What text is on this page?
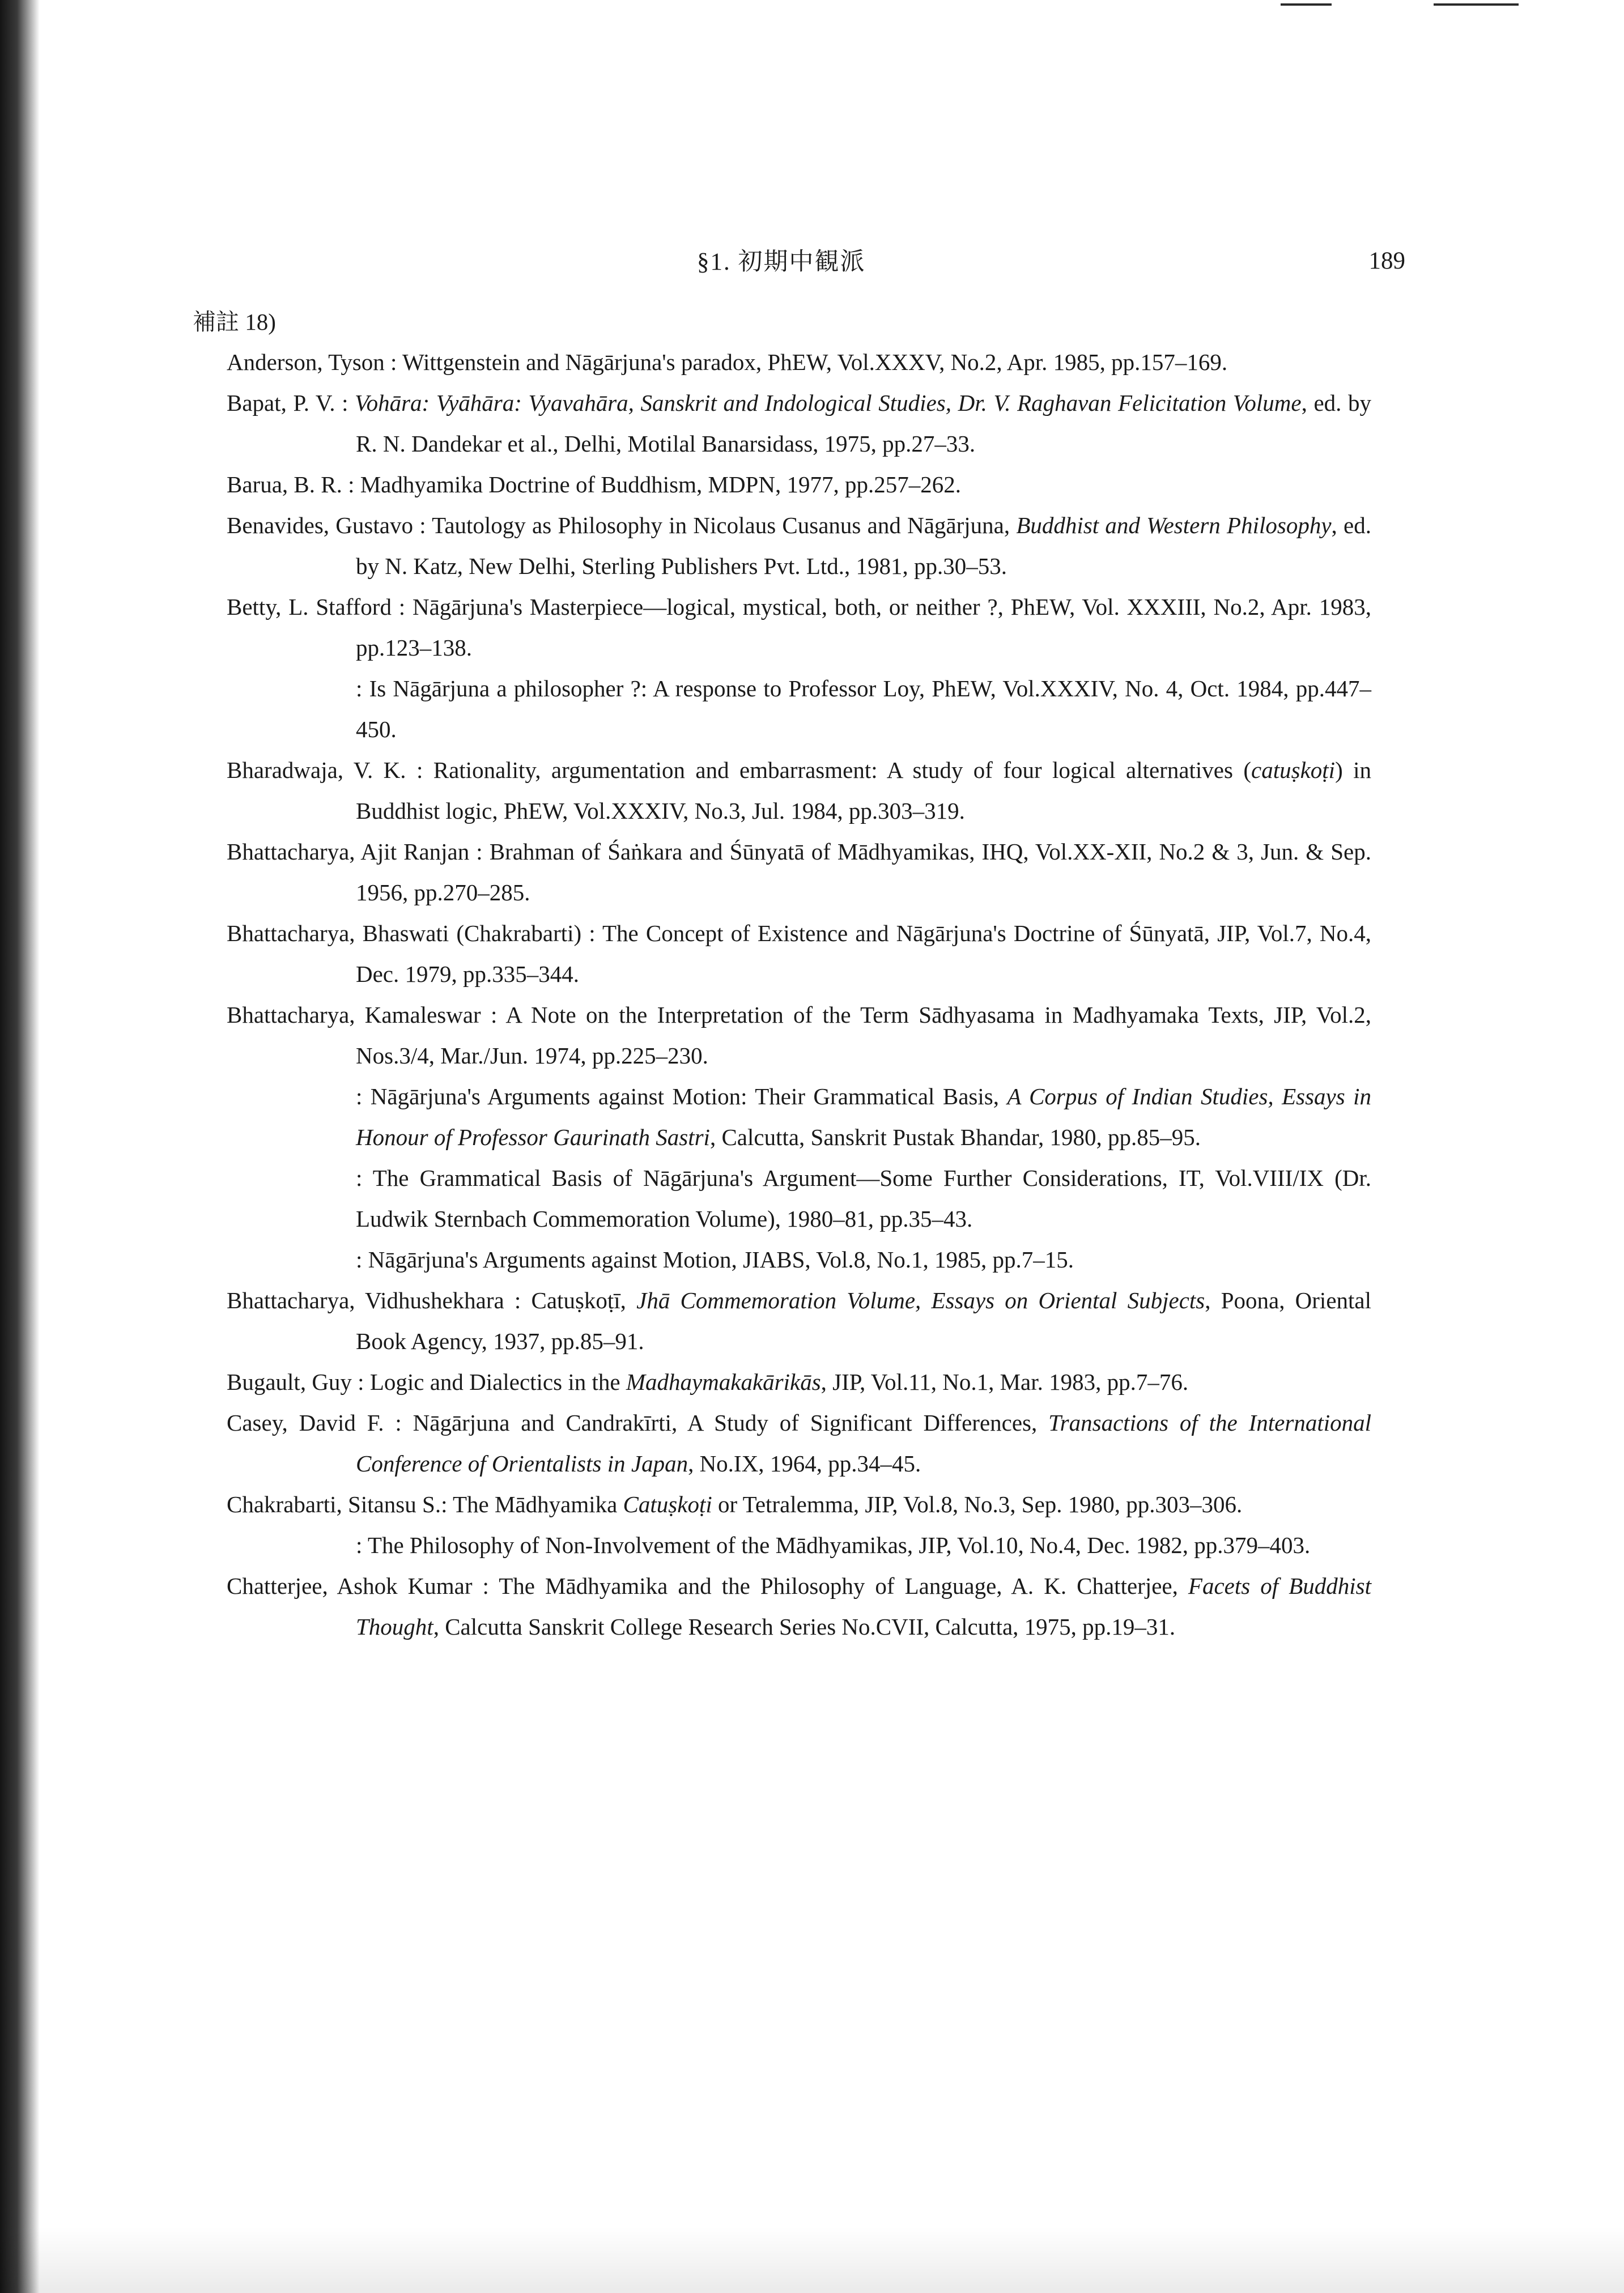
§1. 初期中観派	189
補註 18)

Anderson, Tyson : Wittgenstein and Nāgārjuna's paradox, PhEW, Vol.XXXV, No.2, Apr. 1985, pp.157–169.

Bapat, P. V. : Vohāra: Vyāhāra: Vyavahāra, Sanskrit and Indological Studies, Dr. V. Raghavan Felicitation Volume, ed. by R. N. Dandekar et al., Delhi, Motilal Banarsidass, 1975, pp.27–33.

Barua, B. R. : Madhyamika Doctrine of Buddhism, MDPN, 1977, pp.257–262.

Benavides, Gustavo : Tautology as Philosophy in Nicolaus Cusanus and Nāgārjuna, Buddhist and Western Philosophy, ed. by N. Katz, New Delhi, Sterling Publishers Pvt. Ltd., 1981, pp.30–53.

Betty, L. Stafford : Nāgārjuna's Masterpiece—logical, mystical, both, or neither ?, PhEW, Vol. XXXIII, No.2, Apr. 1983, pp.123–138.

: Is Nāgārjuna a philosopher ?: A response to Professor Loy, PhEW, Vol.XXXIV, No. 4, Oct. 1984, pp.447–450.

Bharadwaja, V. K. : Rationality, argumentation and embarrasment: A study of four logical alternatives (catuṣkoṭi) in Buddhist logic, PhEW, Vol.XXXIV, No.3, Jul. 1984, pp.303–319.

Bhattacharya, Ajit Ranjan : Brahman of Śaṅkara and Śūnyatā of Mādhyamikas, IHQ, Vol.XX-XII, No.2 & 3, Jun. & Sep. 1956, pp.270–285.

Bhattacharya, Bhaswati (Chakrabarti) : The Concept of Existence and Nāgārjuna's Doctrine of Śūnyatā, JIP, Vol.7, No.4, Dec. 1979, pp.335–344.

Bhattacharya, Kamaleswar : A Note on the Interpretation of the Term Sādhyasama in Madhyamaka Texts, JIP, Vol.2, Nos.3/4, Mar./Jun. 1974, pp.225–230.

: Nāgārjuna's Arguments against Motion: Their Grammatical Basis, A Corpus of Indian Studies, Essays in Honour of Professor Gaurinath Sastri, Calcutta, Sanskrit Pustak Bhandar, 1980, pp.85–95.

: The Grammatical Basis of Nāgārjuna's Argument—Some Further Considerations, IT, Vol.VIII/IX (Dr. Ludwik Sternbach Commemoration Volume), 1980–81, pp.35–43.

: Nāgārjuna's Arguments against Motion, JIABS, Vol.8, No.1, 1985, pp.7–15.

Bhattacharya, Vidhushekhara : Catuṣkoṭī, Jhā Commemoration Volume, Essays on Oriental Subjects, Poona, Oriental Book Agency, 1937, pp.85–91.

Bugault, Guy : Logic and Dialectics in the Madhaymakakārikās, JIP, Vol.11, No.1, Mar. 1983, pp.7–76.

Casey, David F. : Nāgārjuna and Candrakīrti, A Study of Significant Differences, Transactions of the International Conference of Orientalists in Japan, No.IX, 1964, pp.34–45.

Chakrabarti, Sitansu S.: The Mādhyamika Catuṣkoṭi or Tetralemma, JIP, Vol.8, No.3, Sep. 1980, pp.303–306.

: The Philosophy of Non-Involvement of the Mādhyamikas, JIP, Vol.10, No.4, Dec. 1982, pp.379–403.

Chatterjee, Ashok Kumar : The Mādhyamika and the Philosophy of Language, A. K. Chatterjee, Facets of Buddhist Thought, Calcutta Sanskrit College Research Series No.CVII, Calcutta, 1975, pp.19–31.
